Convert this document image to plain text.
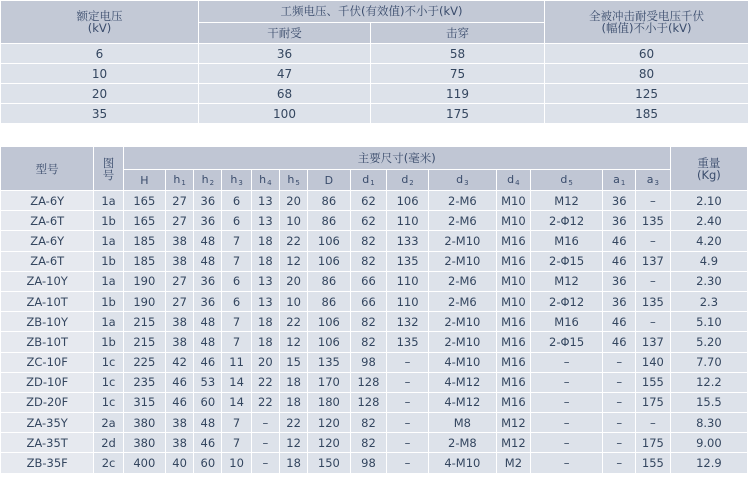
额定电压
(kV)	工频电压、千伏(有效值)不小于(kV)		全被冲击耐受电压千伏
(幅值)不小于(kV)

	干耐受	击穿	
6	36	58	60
10	47	75	80
20	68	119	125
35	100	175	185
型号	图号	主要尺寸(毫米)														重量
(Kg)

		H	$h_1$	$h_2$	$h_3$	$h_4$	$h_5$	D	$d_1$	$d_2$	$d_3$	$d_4$	$d_5$	$a_1$	$a_3$
ZA-6Y	1a	165	27	36	6	13	20	86	62	106	2-M6	M10	M12	36	–	2.10
ZA-6T	1b	165	27	36	6	13	10	86	62	110	2-M6	M10	2-Φ12	36	135	2.40
ZA-6Y	1a	185	38	48	7	18	22	106	82	133	2-M10	M16	M16	46	–	4.20
ZA-6T	1b	185	38	48	7	18	12	106	82	135	2-M10	M16	2-Φ15	46	137	4.9
ZA-10Y	1a	190	27	36	6	13	20	86	66	110	2-M6	M10	M12	36	–	2.30
ZA-10T	1b	190	27	36	6	13	10	86	66	110	2-M6	M10	2-Φ12	36	135	2.3
ZB-10Y	1a	215	38	48	7	18	22	106	82	132	2-M10	M16	M16	46	–	5.10
ZB-10T	1b	215	38	48	7	18	12	106	82	135	2-M10	M16	2-Φ15	46	137	5.20
ZC-10F	1c	225	42	46	11	20	15	135	98	–	4-M10	M16	–	–	140	7.70
ZD-10F	1c	235	46	53	14	22	18	170	128	–	4-M12	M16	–	–	155	12.2
ZD-20F	1c	315	46	60	14	22	18	180	128	–	4-M12	M16	–	–	175	15.5
ZA-35Y	2a	380	38	48	7	–	22	120	82	–	M8	M12	–	–	–	8.30
ZA-35T	2d	380	38	46	7	–	12	120	82	–	2-M8	M12	–	–	175	9.00
ZB-35F	2c	400	40	60	10	–	18	150	98	–	4-M10	M2	–	–	155	12.9
